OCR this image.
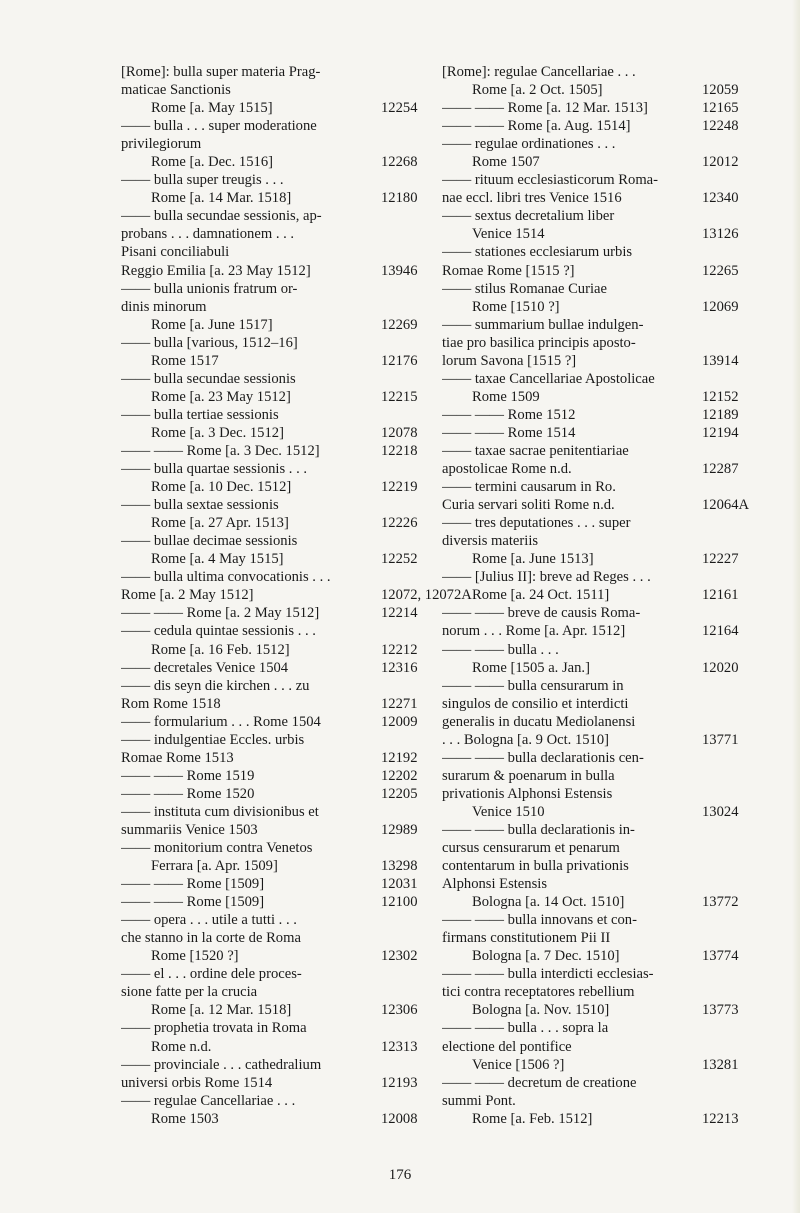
[Rome]: bulla super materia Prag-
maticae Sanctionis
Rome [a. May 1515]	12254
—— bulla . . . super moderatione
privilegiorum
Rome [a. Dec. 1516]	12268
—— bulla super treugis . . .
Rome [a. 14 Mar. 1518]	12180
—— bulla secundae sessionis, ap-
probans . . . damnationem . . .
Pisani conciliabuli
Reggio Emilia [a. 23 May 1512]	13946
—— bulla unionis fratrum or-
dinis minorum
Rome [a. June 1517]	12269
—— bulla [various, 1512–16]
Rome 1517	12176
—— bulla secundae sessionis
Rome [a. 23 May 1512]	12215
—— bulla tertiae sessionis
Rome [a. 3 Dec. 1512]	12078
—— —— Rome [a. 3 Dec. 1512]	12218
—— bulla quartae sessionis . . .
Rome [a. 10 Dec. 1512]	12219
—— bulla sextae sessionis
Rome [a. 27 Apr. 1513]	12226
—— bullae decimae sessionis
Rome [a. 4 May 1515]	12252
—— bulla ultima convocationis . . .
Rome [a. 2 May 1512]	12072, 12072A
—— —— Rome [a. 2 May 1512]	12214
—— cedula quintae sessionis . . .
Rome [a. 16 Feb. 1512]	12212
—— decretales Venice 1504	12316
—— dis seyn die kirchen . . . zu
Rom Rome 1518	12271
—— formularium . . . Rome 1504	12009
—— indulgentiae Eccles. urbis
Romae Rome 1513	12192
—— —— Rome 1519	12202
—— —— Rome 1520	12205
—— instituta cum divisionibus et
summariis Venice 1503	12989
—— monitorium contra Venetos
Ferrara [a. Apr. 1509]	13298
—— —— Rome [1509]	12031
—— —— Rome [1509]	12100
—— opera . . . utile a tutti . . .
che stanno in la corte de Roma
Rome [1520 ?]	12302
—— el . . . ordine dele proces-
sione fatte per la crucia
Rome [a. 12 Mar. 1518]	12306
—— prophetia trovata in Roma
Rome n.d.	12313
—— provinciale . . . cathedralium
universi orbis Rome 1514	12193
—— regulae Cancellariae . . .
Rome 1503	12008
[Rome]: regulae Cancellariae . . .
Rome [a. 2 Oct. 1505]	12059
—— —— Rome [a. 12 Mar. 1513]	12165
—— —— Rome [a. Aug. 1514]	12248
—— regulae ordinationes . . .
Rome 1507	12012
—— rituum ecclesiasticorum Roma-
nae eccl. libri tres Venice 1516	12340
—— sextus decretalium liber
Venice 1514	13126
—— stationes ecclesiarum urbis
Romae Rome [1515 ?]	12265
—— stilus Romanae Curiae
Rome [1510 ?]	12069
—— summarium bullae indulgen-
tiae pro basilica principis aposto-
lorum Savona [1515 ?]	13914
—— taxae Cancellariae Apostolicae
Rome 1509	12152
—— —— Rome 1512	12189
—— —— Rome 1514	12194
—— taxae sacrae penitentiariae
apostolicae Rome n.d.	12287
—— termini causarum in Ro.
Curia servari soliti Rome n.d.	12064A
—— tres deputationes . . . super
diversis materiis
Rome [a. June 1513]	12227
—— [Julius II]: breve ad Reges . . .
Rome [a. 24 Oct. 1511]	12161
—— —— breve de causis Roma-
norum . . . Rome [a. Apr. 1512]	12164
—— —— bulla . . .
Rome [1505 a. Jan.]	12020
—— —— bulla censurarum in
singulos de consilio et interdicti
generalis in ducatu Mediolanensi
. . . Bologna [a. 9 Oct. 1510]	13771
—— —— bulla declarationis cen-
surarum & poenarum in bulla
privationis Alphonsi Estensis
Venice 1510	13024
—— —— bulla declarationis in-
cursus censurarum et penarum
contentarum in bulla privationis
Alphonsi Estensis
Bologna [a. 14 Oct. 1510]	13772
—— —— bulla innovans et con-
firmans constitutionem Pii II
Bologna [a. 7 Dec. 1510]	13774
—— —— bulla interdicti ecclesias-
tici contra receptatores rebellium
Bologna [a. Nov. 1510]	13773
—— —— bulla . . . sopra la
electione del pontifice
Venice [1506 ?]	13281
—— —— decretum de creatione
summi Pont.
Rome [a. Feb. 1512]	12213
176
